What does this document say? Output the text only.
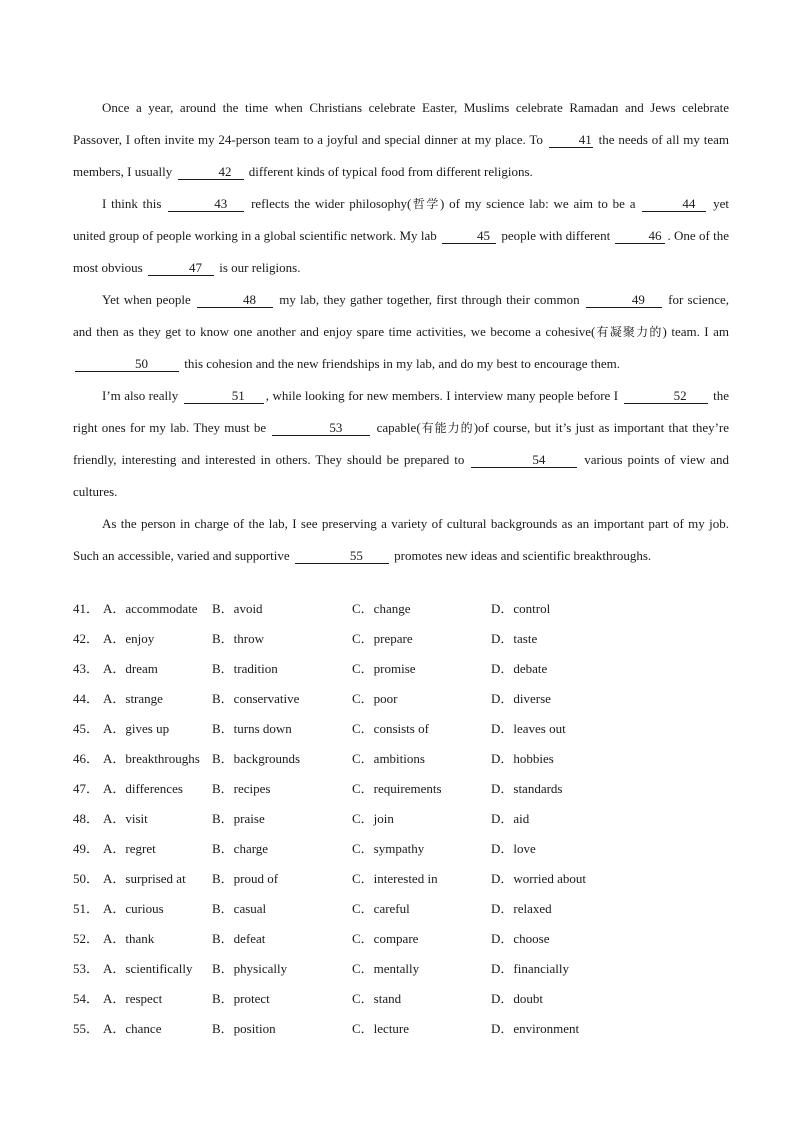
Once a year, around the time when Christians celebrate Easter, Muslims celebrate Ramadan and Jews celebrate Passover, I often invite my 24-person team to a joyful and special dinner at my place. To	41 the needs of all my team members, I usually	42 different kinds of typical food from different religions.

I think this	43 reflects the wider philosophy(哲学) of my science lab: we aim to be a	44 yet united group of people working in a global scientific network. My lab	45 people with different	46 . One of the most obvious	47 is our religions.

Yet when people	48 my lab, they gather together, first through their common	49 for science, and then as they get to know one another and enjoy spare time activities, we become a cohesive(有凝聚力的) team. I am 50	this cohesion and the new friendships in my lab, and do my best to encourage them.

I’m also really	51 , while looking for new members. I interview many people before I	52 the right ones for my lab. They must be	53	capable(有能力的)of course, but it’s just as important that they’re friendly, interesting and interested in others. They should be prepared to	54	various points of view and cultures.

As the person in charge of the lab, I see preserving a variety of cultural backgrounds as an important part of my job. Such an accessible, varied and supportive	55 promotes new ideas and scientific breakthroughs.

41． A．accommodate B．avoid	C．change	D．control
42． A．enjoy	B．throw	C．prepare	D．taste
43． A．dream	B．tradition	C．promise	D．debate
44． A．strange	B．conservative	C．poor	D．diverse
45． A．gives up	B．turns down	C．consists of	D．leaves out
46． A．breakthroughs B．backgrounds	C．ambitions	D．hobbies
47． A．differences B．recipes	C．requirements	D．standards
48． A．visit	B．praise	C．join	D．aid
49． A．regret	B．charge	C．sympathy	D．love
50． A．surprised at B．proud of	C．interested in	D．worried about
51． A．curious	B．casual	C．careful	D．relaxed
52． A．thank	B．defeat	C．compare	D．choose
53． A．scientifically B．physically	C．mentally	D．financially
54． A．respect	B．protect	C．stand	D．doubt
55． A．chance	B．position	C．lecture	D．environment
